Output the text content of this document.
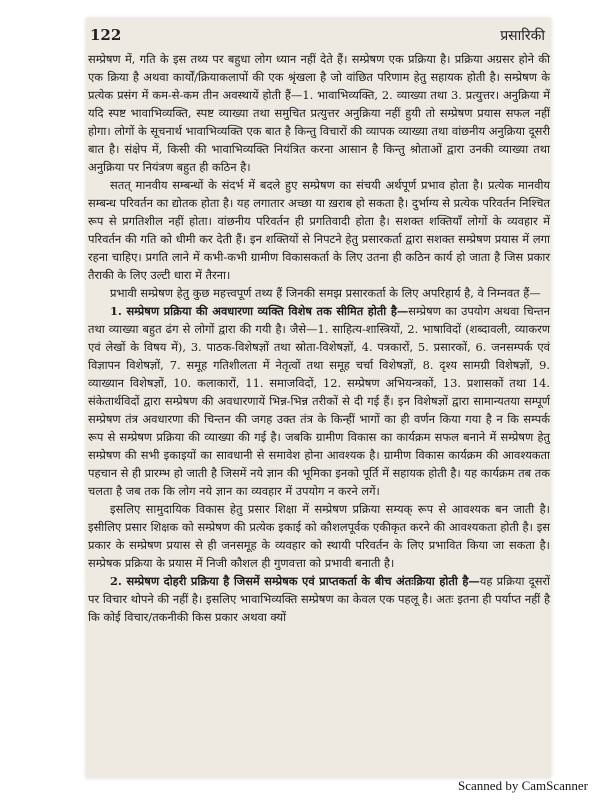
122	प्रसारिकी

सम्प्रेषण में, गति के इस तथ्य पर बहुधा लोग ध्यान नहीं देते हैं। सम्प्रेषण एक प्रक्रिया है। प्रक्रिया अग्रसर होने की एक क्रिया है अथवा कार्यों/क्रियाकलापों की एक श्रृंखला है जो वांछित परिणाम हेतु सहायक होती है। सम्प्रेषण के प्रत्येक प्रसंग में कम-से-कम तीन अवस्थायें होती हैं—1. भावाभिव्यक्ति, 2. व्याख्या तथा 3. प्रत्युत्तर। अनुक्रिया में यदि स्पष्ट भावाभिव्यक्ति, स्पष्ट व्याख्या तथा समुचित प्रत्युत्तर अनुक्रिया नहीं हुयी तो सम्प्रेषण प्रयास सफल नहीं होगा। लोगों के सूचनार्थ भावाभिव्यक्ति एक बात है किन्तु विचारों की व्यापक व्याख्या तथा वांछनीय अनुक्रिया दूसरी बात है। संक्षेप में, किसी की भावाभिव्यक्ति नियंत्रित करना आसान है किन्तु श्रोताओं द्वारा उनकी व्याख्या तथा अनुक्रिया पर नियंत्रण बहुत ही कठिन है।

सतत् मानवीय सम्बन्धों के संदर्भ में बदले हुए सम्प्रेषण का संचयी अर्थपूर्ण प्रभाव होता है। प्रत्येक मानवीय सम्बन्ध परिवर्तन का द्योतक होता है। यह लगातार अच्छा या ख़राब हो सकता है। दुर्भाग्य से प्रत्येक परिवर्तन निश्चित रूप से प्रगतिशील नहीं होता। वांछनीय परिवर्तन ही प्रगतिवादी होता है। सशक्त शक्तियाँ लोगों के व्यवहार में परिवर्तन की गति को धीमी कर देती हैं। इन शक्तियों से निपटने हेतु प्रसारकर्ता द्वारा सशक्त सम्प्रेषण प्रयास में लगा रहना चाहिए। प्रगति लाने में कभी-कभी ग्रामीण विकासकर्ता के लिए उतना ही कठिन कार्य हो जाता है जिस प्रकार तैराकी के लिए उल्टी धारा में तैरना।

प्रभावी सम्प्रेषण हेतु कुछ महत्त्वपूर्ण तथ्य हैं जिनकी समझ प्रसारकर्ता के लिए अपरिहार्य है, वे निम्नवत हैं—

1. सम्प्रेषण प्रक्रिया की अवधारणा व्यक्ति विशेष तक सीमित होती है—सम्प्रेषण का उपयोग अथवा चिन्तन तथा व्याख्या बहुत ढंग से लोगों द्वारा की गयी है। जैसे—1. साहित्य-शास्त्रियों, 2. भाषाविदों (शब्दावली, व्याकरण एवं लेखों के विषय में), 3. पाठक-विशेषज्ञों तथा स्रोता-विशेषज्ञों, 4. पत्रकारों, 5. प्रसारकों, 6. जनसम्पर्क एवं विज्ञापन विशेषज्ञों, 7. समूह गतिशीलता में नेतृत्वों तथा समूह चर्चा विशेषज्ञों, 8. दृश्य सामग्री विशेषज्ञों, 9. व्याख्यान विशेषज्ञों, 10. कलाकारों, 11. समाजविदों, 12. सम्प्रेषण अभियन्त्रकों, 13. प्रशासकों तथा 14. संकेतार्थविदों द्वारा सम्प्रेषण की अवधारणायें भिन्न-भिन्न तरीकों से दी गई हैं। इन विशेषज्ञों द्वारा सामान्यतया सम्पूर्ण सम्प्रेषण तंत्र अवधारणा की चिन्तन की जगह उक्त तंत्र के किन्हीं भागों का ही वर्णन किया गया है न कि सम्पर्क रूप से सम्प्रेषण प्रक्रिया की व्याख्या की गई है। जबकि ग्रामीण विकास का कार्यक्रम सफल बनाने में सम्प्रेषण हेतु सम्प्रेषण की सभी इकाइयों का सावधानी से समावेश होना आवश्यक है। ग्रामीण विकास कार्यक्रम की आवश्यकता पहचान से ही प्रारम्भ हो जाती है जिसमें नये ज्ञान की भूमिका इनको पूर्ति में सहायक होती है। यह कार्यक्रम तब तक चलता है जब तक कि लोग नये ज्ञान का व्यवहार में उपयोग न करने लगें।

इसलिए सामुदायिक विकास हेतु प्रसार शिक्षा में सम्प्रेषण प्रक्रिया सम्यक् रूप से आवश्यक बन जाती है। इसीलिए प्रसार शिक्षक को सम्प्रेषण की प्रत्येक इकाई को कौशलपूर्वक एकीकृत करने की आवश्यकता होती है। इस प्रकार के सम्प्रेषण प्रयास से ही जनसमूह के व्यवहार को स्थायी परिवर्तन के लिए प्रभावित किया जा सकता है। सम्प्रेषक प्रक्रिया के प्रयास में निजी कौशल ही गुणवत्ता को प्रभावी बनाती है।

2. सम्प्रेषण दोहरी प्रक्रिया है जिसमें सम्प्रेषक एवं प्राप्तकर्ता के बीच अंतःक्रिया होती है—यह प्रक्रिया दूसरों पर विचार थोपने की नहीं है। इसलिए भावाभिव्यक्ति सम्प्रेषण का केवल एक पहलू है। अतः इतना ही पर्याप्त नहीं है कि कोई विचार/तकनीकी किस प्रकार अथवा क्यों

Scanned by CamScanner
